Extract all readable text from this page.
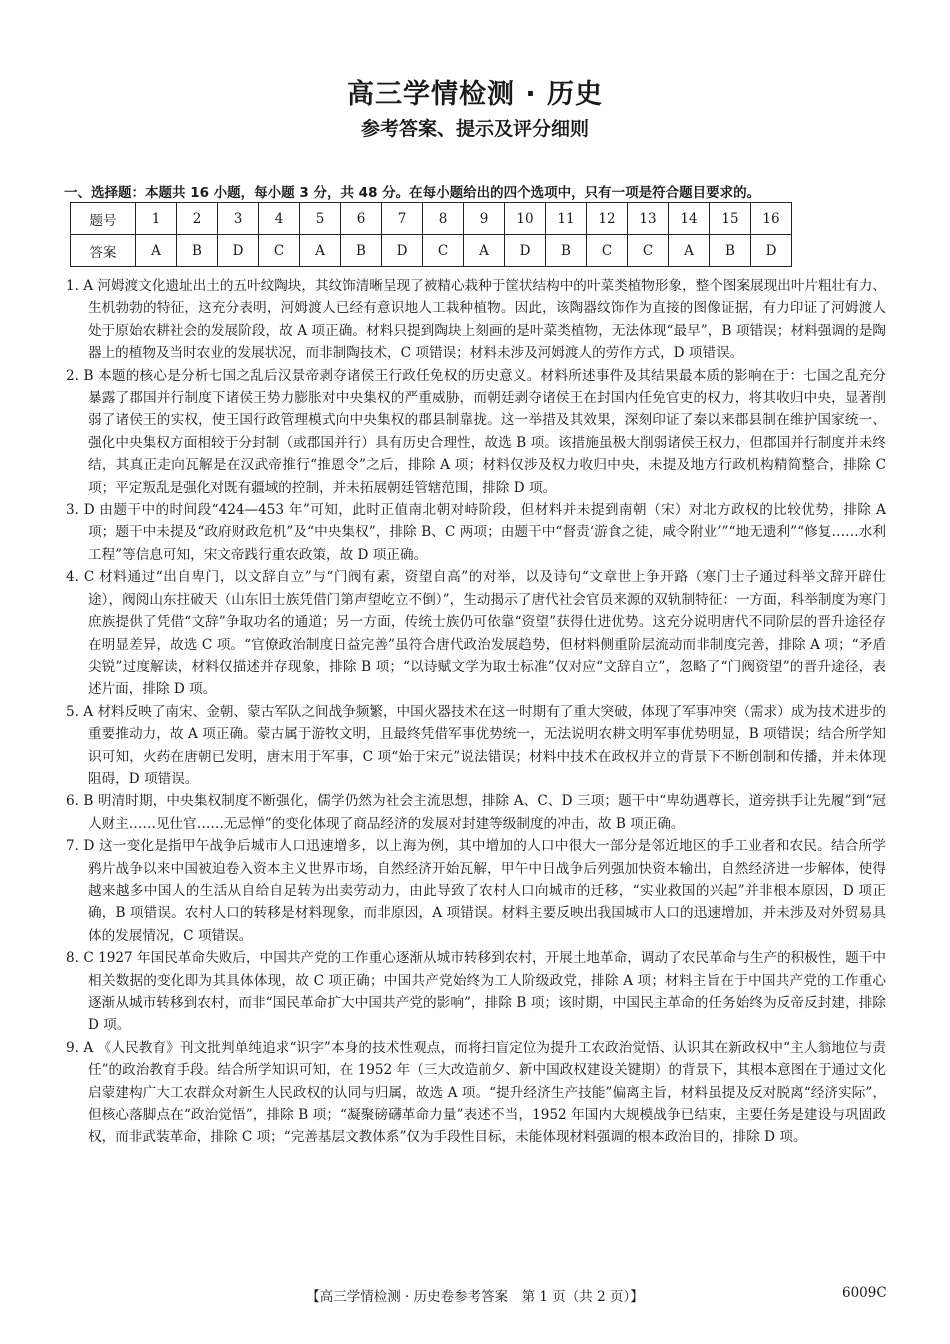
高三学情检测 · 历史
参考答案、提示及评分细则
一、选择题：本题共 16 小题，每小题 3 分，共 48 分。在每小题给出的四个选项中，只有一项是符合题目要求的。
题号	1	2	3	4	5	6	7	8	9	10	11	12	13	14	15	16
答案	A	B	D	C	A	B	D	C	A	D	B	C	C	A	B	D

1. A 河姆渡文化遗址出土的五叶纹陶块，其纹饰清晰呈现了被精心栽种于筐状结构中的叶菜类植物形象，整个图案展现出叶片粗壮有力、生机勃勃的特征，这充分表明，河姆渡人已经有意识地人工栽种植物。因此，该陶器纹饰作为直接的图像证据，有力印证了河姆渡人处于原始农耕社会的发展阶段，故 A 项正确。材料只提到陶块上刻画的是叶菜类植物，无法体现“最早”，B 项错误；材料强调的是陶器上的植物及当时农业的发展状况，而非制陶技术，C 项错误；材料未涉及河姆渡人的劳作方式，D 项错误。

2. B 本题的核心是分析七国之乱后汉景帝剥夺诸侯王行政任免权的历史意义。材料所述事件及其结果最本质的影响在于：七国之乱充分暴露了郡国并行制度下诸侯王势力膨胀对中央集权的严重威胁，而朝廷剥夺诸侯王在封国内任免官吏的权力，将其收归中央，显著削弱了诸侯王的实权，使王国行政管理模式向中央集权的郡县制靠拢。这一举措及其效果，深刻印证了秦以来郡县制在维护国家统一、强化中央集权方面相较于分封制（或郡国并行）具有历史合理性，故选 B 项。该措施虽极大削弱诸侯王权力，但郡国并行制度并未终结，其真正走向瓦解是在汉武帝推行“推恩令”之后，排除 A 项；材料仅涉及权力收归中央，未提及地方行政机构精简整合，排除 C 项；平定叛乱是强化对既有疆域的控制，并未拓展朝廷管辖范围，排除 D 项。

3. D 由题干中的时间段“424—453 年”可知，此时正值南北朝对峙阶段，但材料并未提到南朝（宋）对北方政权的比较优势，排除 A 项；题干中未提及“政府财政危机”及“中央集权”，排除 B、C 两项；由题干中“督责‘游食之徒，咸令附业’”“地无遗利”“修复……水利工程”等信息可知，宋文帝践行重农政策，故 D 项正确。

4. C 材料通过“出自卑门，以文辞自立”与“门阀有素，资望自高”的对举，以及诗句“文章世上争开路（寒门士子通过科举文辞开辟仕途），阀阅山东拄破天（山东旧士族凭借门第声望屹立不倒）”，生动揭示了唐代社会官员来源的双轨制特征：一方面，科举制度为寒门庶族提供了凭借“文辞”争取功名的通道；另一方面，传统士族仍可依靠“资望”获得仕进优势。这充分说明唐代不同阶层的晋升途径存在明显差异，故选 C 项。“官僚政治制度日益完善”虽符合唐代政治发展趋势，但材料侧重阶层流动而非制度完善，排除 A 项；“矛盾尖锐”过度解读，材料仅描述并存现象，排除 B 项；“以诗赋文学为取士标准”仅对应“文辞自立”，忽略了“门阀资望”的晋升途径，表述片面，排除 D 项。

5. A 材料反映了南宋、金朝、蒙古军队之间战争频繁，中国火器技术在这一时期有了重大突破，体现了军事冲突（需求）成为技术进步的重要推动力，故 A 项正确。蒙古属于游牧文明，且最终凭借军事优势统一，无法说明农耕文明军事优势明显，B 项错误；结合所学知识可知，火药在唐朝已发明，唐末用于军事，C 项“始于宋元”说法错误；材料中技术在政权并立的背景下不断创制和传播，并未体现阻碍，D 项错误。

6. B 明清时期，中央集权制度不断强化，儒学仍然为社会主流思想，排除 A、C、D 三项；题干中“卑幼遇尊长，道旁拱手让先履”到“冠人财主……见仕官……无忌惮”的变化体现了商品经济的发展对封建等级制度的冲击，故 B 项正确。

7. D 这一变化是指甲午战争后城市人口迅速增多，以上海为例，其中增加的人口中很大一部分是邻近地区的手工业者和农民。结合所学鸦片战争以来中国被迫卷入资本主义世界市场，自然经济开始瓦解，甲午中日战争后列强加快资本输出，自然经济进一步解体，使得越来越多中国人的生活从自给自足转为出卖劳动力，由此导致了农村人口向城市的迁移，“实业救国的兴起”并非根本原因，D 项正确，B 项错误。农村人口的转移是材料现象，而非原因，A 项错误。材料主要反映出我国城市人口的迅速增加，并未涉及对外贸易具体的发展情况，C 项错误。

8. C 1927 年国民革命失败后，中国共产党的工作重心逐渐从城市转移到农村，开展土地革命，调动了农民革命与生产的积极性，题干中相关数据的变化即为其具体体现，故 C 项正确；中国共产党始终为工人阶级政党，排除 A 项；材料主旨在于中国共产党的工作重心逐渐从城市转移到农村，而非“国民革命扩大中国共产党的影响”，排除 B 项；该时期，中国民主革命的任务始终为反帝反封建，排除 D 项。

9. A 《人民教育》刊文批判单纯追求“识字”本身的技术性观点，而将扫盲定位为提升工农政治觉悟、认识其在新政权中“主人翁地位与责任”的政治教育手段。结合所学知识可知，在 1952 年（三大改造前夕、新中国政权建设关键期）的背景下，其根本意图在于通过文化启蒙建构广大工农群众对新生人民政权的认同与归属，故选 A 项。“提升经济生产技能”偏离主旨，材料虽提及反对脱离“经济实际”，但核心落脚点在“政治觉悟”，排除 B 项；“凝聚磅礴革命力量”表述不当，1952 年国内大规模战争已结束，主要任务是建设与巩固政权，而非武装革命，排除 C 项；“完善基层文教体系”仅为手段性目标，未能体现材料强调的根本政治目的，排除 D 项。

【高三学情检测 · 历史卷参考答案　第 1 页（共 2 页）】	6009C
